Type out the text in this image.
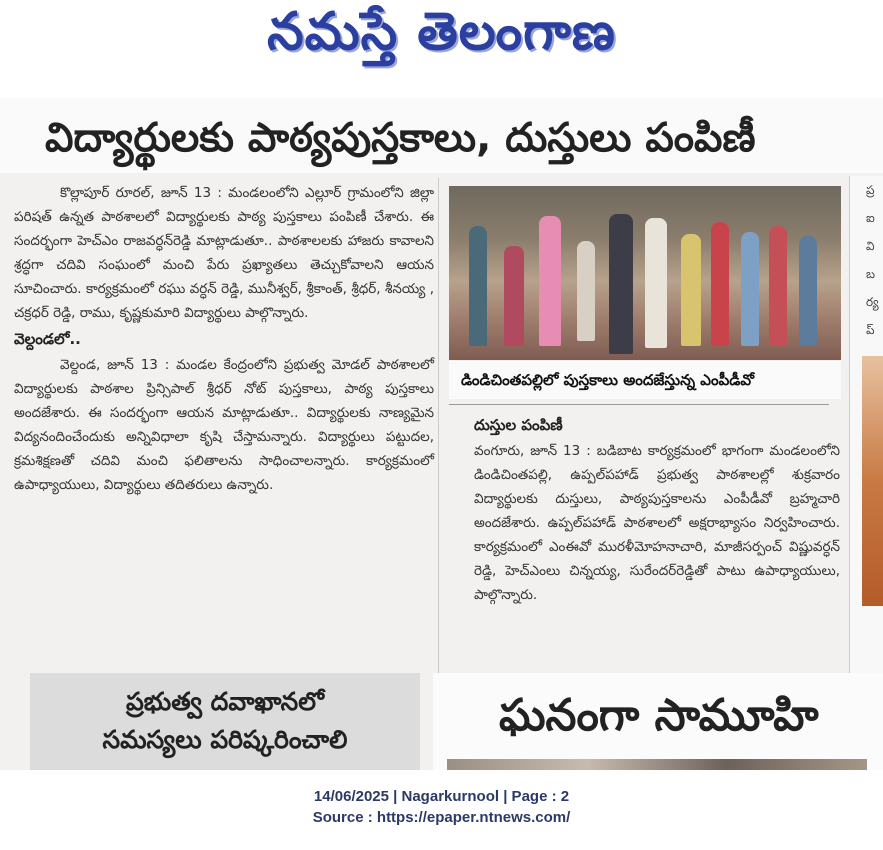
నమస్తే తెలంగాణ
విద్యార్థులకు పాఠ్యపుస్తకాలు, దుస్తులు పంపిణీ

కొల్లాపూర్ రూరల్, జూన్ 13 : మండలంలోని ఎల్లూర్ గ్రామంలోని జిల్లా పరిషత్ ఉన్నత పాఠశాలలో విద్యార్థులకు పాఠ్య పుస్తకాలు పంపిణీ చేశారు. ఈ సందర్భంగా హెచ్ఎం రాజవర్ధన్‌రెడ్డి మాట్లాడుతూ.. పాఠశాలలకు హాజరు కావాలని శ్రద్ధగా చదివి సంఘంలో మంచి పేరు ప్రఖ్యాతలు తెచ్చుకోవాలని ఆయన సూచించారు. కార్యక్రమంలో రఘు వర్ధన్ రెడ్డి, మునీశ్వర్, శ్రీకాంత్, శ్రీధర్, శీనయ్య , చక్రధర్ రెడ్డి, రాము, కృష్ణకుమారి విద్యార్థులు పాల్గొన్నారు.

వెల్దండలో..

వెల్దండ, జూన్ 13 : మండల కేంద్రంలోని ప్రభుత్వ మోడల్ పాఠశాలలో విద్యార్థులకు పాఠశాల ప్రిన్సిపాల్ శ్రీధర్ నోట్ పుస్తకాలు, పాఠ్య పుస్తకాలు అందజేశారు. ఈ సందర్భంగా ఆయన మాట్లాడుతూ.. విద్యార్థులకు నాణ్యమైన విద్యనందించేందుకు అన్నివిధాలా కృషి చేస్తామన్నారు. విద్యార్థులు పట్టుదల, క్రమశిక్షణతో చదివి మంచి ఫలితాలను సాధించాలన్నారు. కార్యక్రమంలో ఉపాధ్యాయులు, విద్యార్థులు తదితరులు ఉన్నారు.

డిండిచింతపల్లిలో పుస్తకాలు అందజేస్తున్న ఎంపీడీవో
దుస్తుల పంపిణీ

వంగూరు, జూన్ 13 : బడిబాట కార్యక్రమంలో భాగంగా మండలంలోని డిండిచింతపల్లి, ఉప్పల్‌పహాడ్ ప్రభుత్వ పాఠశాలల్లో శుక్రవారం విద్యార్థులకు దుస్తులు, పాఠ్యపుస్తకాలను ఎంపీడీవో బ్రహ్మచారి అందజేశారు. ఉప్పల్‌పహాడ్ పాఠశాలలో అక్షరాభ్యాసం నిర్వహించారు. కార్యక్రమంలో ఎంఈవో మురళీమోహనాచారి, మాజీసర్పంచ్ విష్ణువర్ధన్ రెడ్డి, హెచ్ఎంలు చిన్నయ్య, సురేందర్‌రెడ్డితో పాటు ఉపాధ్యాయులు, పాల్గొన్నారు.

ప్ర
ఐ
వి
బ
ర్య
ప్
ప్రభుత్వ దవాఖానలో
సమస్యలు పరిష్కరించాలి	ఘనంగా సామూహి
14/06/2025 | Nagarkurnool | Page : 2
Source : https://epaper.ntnews.com/
